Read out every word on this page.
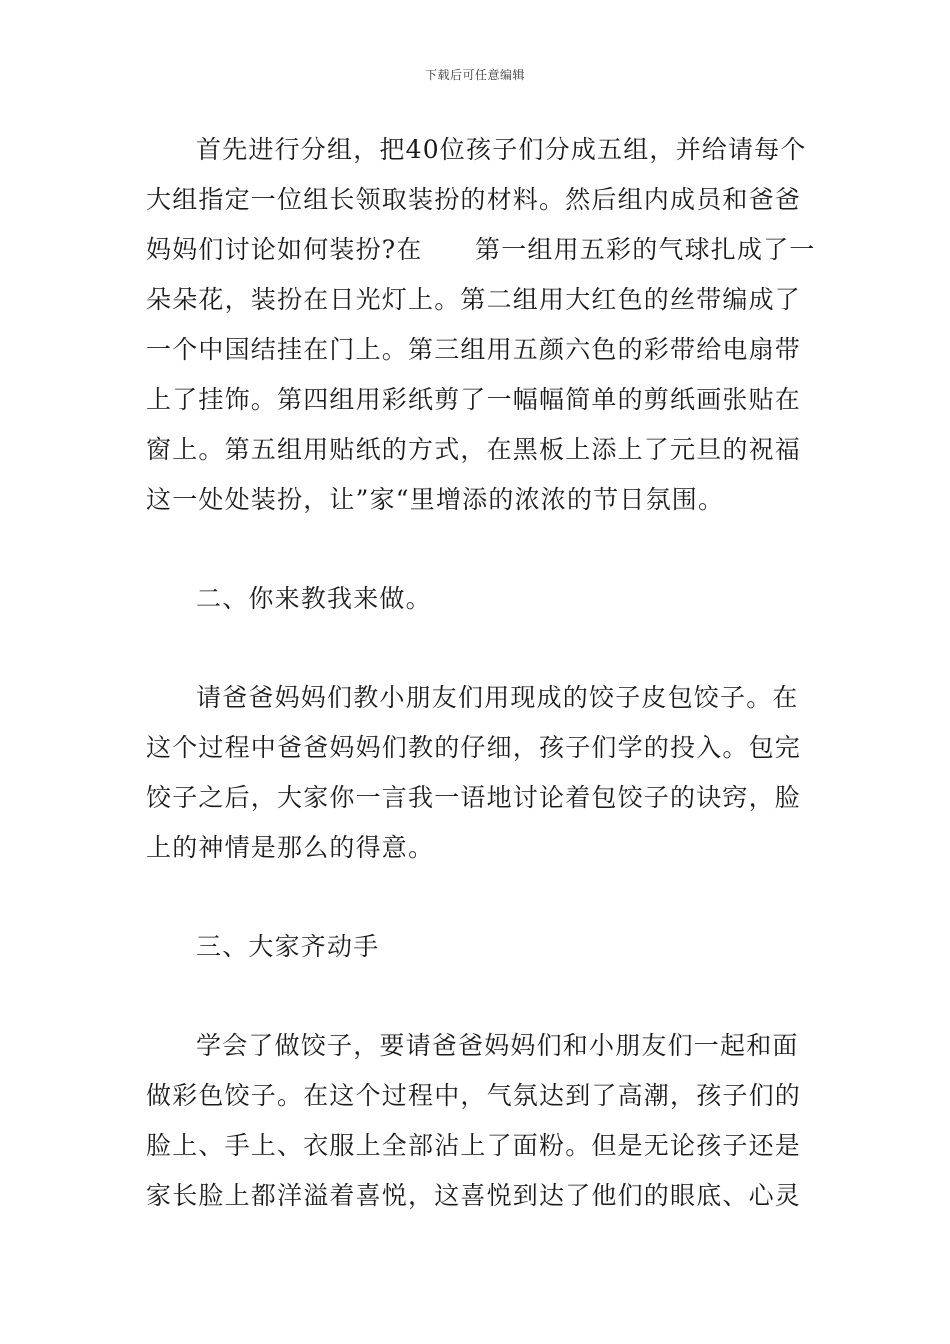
下载后可任意编辑
首先进行分组，把40位孩子们分成五组，并给请每个
大组指定一位组长领取装扮的材料。然后组内成员和爸爸
妈妈们讨论如何装扮?在　　第一组用五彩的气球扎成了一
朵朵花，装扮在日光灯上。第二组用大红色的丝带编成了
一个中国结挂在门上。第三组用五颜六色的彩带给电扇带
上了挂饰。第四组用彩纸剪了一幅幅简单的剪纸画张贴在
窗上。第五组用贴纸的方式，在黑板上添上了元旦的祝福
这一处处装扮，让”家“里增添的浓浓的节日氛围。
二、你来教我来做。
请爸爸妈妈们教小朋友们用现成的饺子皮包饺子。在
这个过程中爸爸妈妈们教的仔细，孩子们学的投入。包完
饺子之后，大家你一言我一语地讨论着包饺子的诀窍，脸
上的神情是那么的得意。
三、大家齐动手
学会了做饺子，要请爸爸妈妈们和小朋友们一起和面
做彩色饺子。在这个过程中，气氛达到了高潮，孩子们的
脸上、手上、衣服上全部沾上了面粉。但是无论孩子还是
家长脸上都洋溢着喜悦，这喜悦到达了他们的眼底、心灵
